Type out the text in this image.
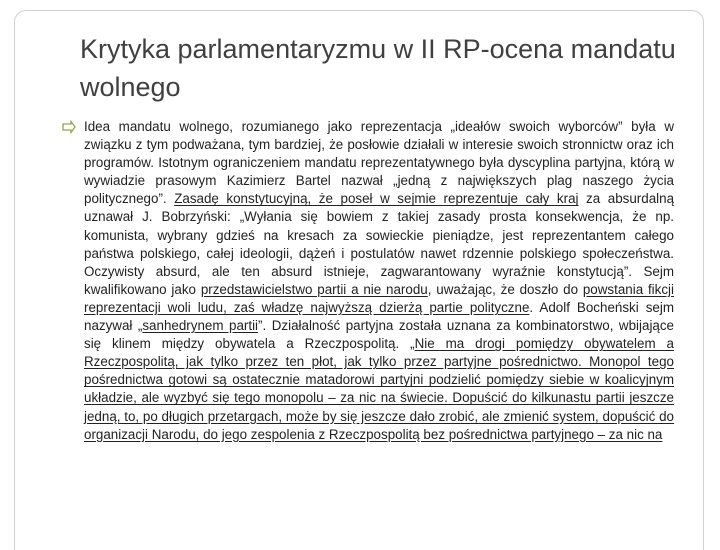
Krytyka parlamentaryzmu w II RP-ocena mandatu wolnego

Idea mandatu wolnego, rozumianego jako reprezentacja „ideałów swoich wyborców” była w związku z tym podważana, tym bardziej, że posłowie działali w interesie swoich stronnictw oraz ich programów. Istotnym ograniczeniem mandatu reprezentatywnego była dyscyplina partyjna, którą w wywiadzie prasowym Kazimierz Bartel nazwał „jedną z największych plag naszego życia politycznego”. Zasadę konstytucyjną, że poseł w sejmie reprezentuje cały kraj za absurdalną uznawał J. Bobrzyński: „Wyłania się bowiem z takiej zasady prosta konsekwencja, że np. komunista, wybrany gdzieś na kresach za sowieckie pieniądze, jest reprezentantem całego państwa polskiego, całej ideologii, dążeń i postulatów nawet rdzennie polskiego społeczeństwa. Oczywisty absurd, ale ten absurd istnieje, zagwarantowany wyraźnie konstytucją”. Sejm kwalifikowano jako przedstawicielstwo partii a nie narodu, uważając, że doszło do powstania fikcji reprezentacji woli ludu, zaś władzę najwyższą dzierżą partie polityczne. Adolf Bocheński sejm nazywał „sanhedrynem partii”. Działalność partyjna została uznana za kombinatorstwo, wbijające się klinem między obywatela a Rzeczpospolitą. „Nie ma drogi pomiędzy obywatelem a Rzeczpospolitą, jak tylko przez ten płot, jak tylko przez partyjne pośrednictwo. Monopol tego pośrednictwa gotowi są ostatecznie matadorowi partyjni podzielić pomiędzy siebie w koalicyjnym układzie, ale wyzbyć się tego monopolu – za nic na świecie. Dopuścić do kilkunastu partii jeszcze jedną, to, po długich przetargach, może by się jeszcze dało zrobić, ale zmienić system, dopuścić do organizacji Narodu, do jego zespolenia z Rzeczpospolitą bez pośrednictwa partyjnego – za nic na
